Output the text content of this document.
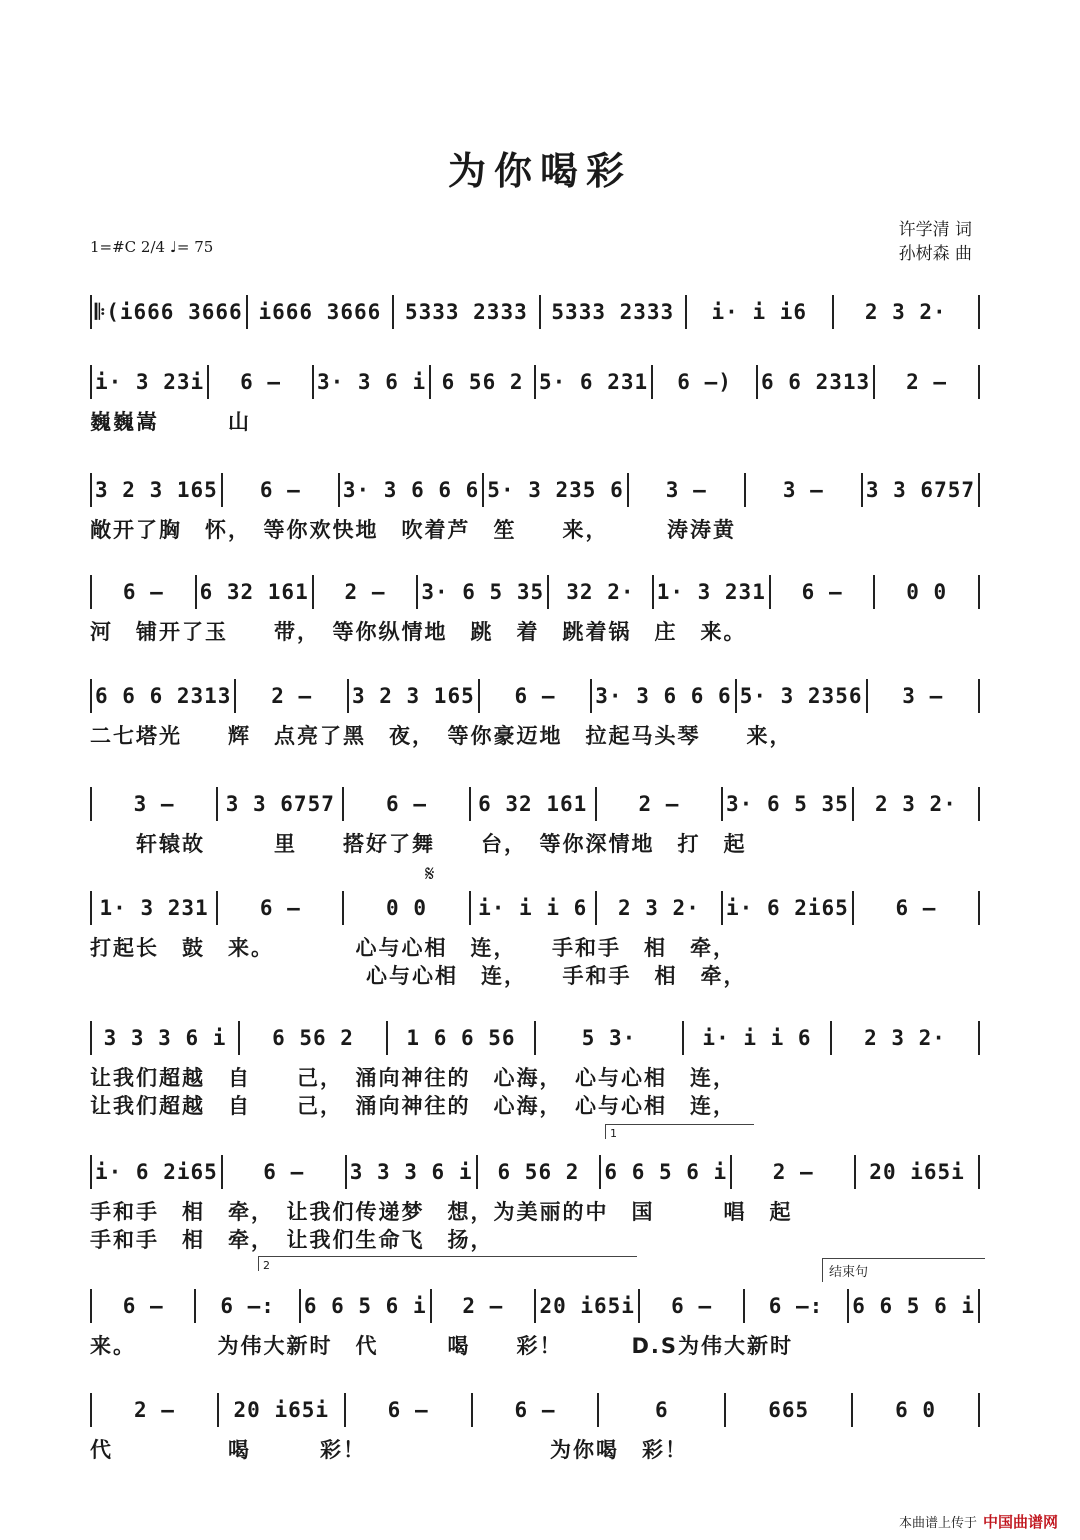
为你喝彩
许学清 词
孙树森 曲
1=#C 2/4 ♩= 75
𝄋
1
2	结束句
𝄆(i666 3666 i666 3666	5333 2333	5333 2333	i· i i6	2 3 2·
i· 3 23i	6 —	3· 3 6 i 6 56 2 5· 6 231	6 —)	6 6 2313	2 —
巍巍嵩　　　山
3 2 3 165	6 —	3· 3 6 6 6 5· 3 235 6	3 —	3 —	3 3 6757
敞开了胸　怀，　等你欢快地　吹着芦　笙　　来，　　　涛涛黄
6 —	6 32 161	2 —	3· 6 5 35	32 2·	1· 3 231	6 —	0 0
河　铺开了玉　　带，　等你纵情地　跳　着　跳着锅　庄　来。
6 6 6 2313	2 —	3 2 3 165	6 —	3· 3 6 6 6 5· 3 2356	3 —
二七塔光　　辉　点亮了黑　夜，　等你豪迈地　拉起马头琴　　来，
3 —	3 3 6757	6 —	6 32 161	2 —	3· 6 5 35	2 3 2·
　　轩辕故　　　里　　搭好了舞　　台，　等你深情地　打　起
1· 3 231	6 —	0 0	i· i i 6	2 3 2·	i· 6 2i65	6 —
打起长　鼓　来。　　　　心与心相　连，　　手和手　相　牵，
　　　　　　　　　　　　心与心相　连，　　手和手　相　牵，
3 3 3 6 i	6 56 2	1 6 6 56	5 3·	i· i i 6	2 3 2·
让我们超越　自　　己，　涌向神往的　心海，　心与心相　连，
让我们超越　自　　己，　涌向神往的　心海，　心与心相　连，
i· 6 2i65	6 —	3 3 3 6 i	6 56 2	6 6 5 6 i	2 —	20 i65i
手和手　相　牵，　让我们传递梦　想，为美丽的中　国　　　唱　起
手和手　相　牵，　让我们生命飞　扬，
6 —	6 —:	6 6 5 6 i	2 —	20 i65i	6 —	6 —:	6 6 5 6 i
来。　　　　为伟大新时　代　　　喝　　彩！　　　D.S为伟大新时
2 —	20 i65i	6 —	6 —	6	665	6 0
代　　　　　喝　　　彩！　　　　　　　　为你喝　彩！
本曲谱上传于 中国曲谱网
